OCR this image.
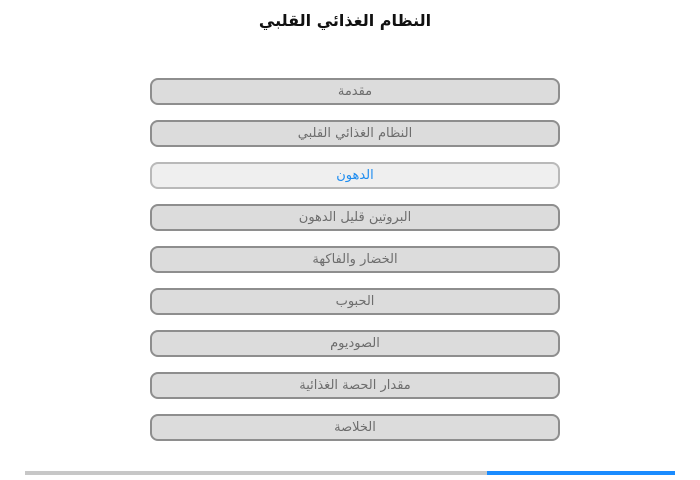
النظام الغذائي القلبي
مقدمة
النظام الغذائي القلبي
الدهون
البروتين قليل الدهون
الخضار والفاكهة
الحبوب
الصوديوم
مقدار الحصة الغذائية
الخلاصة
